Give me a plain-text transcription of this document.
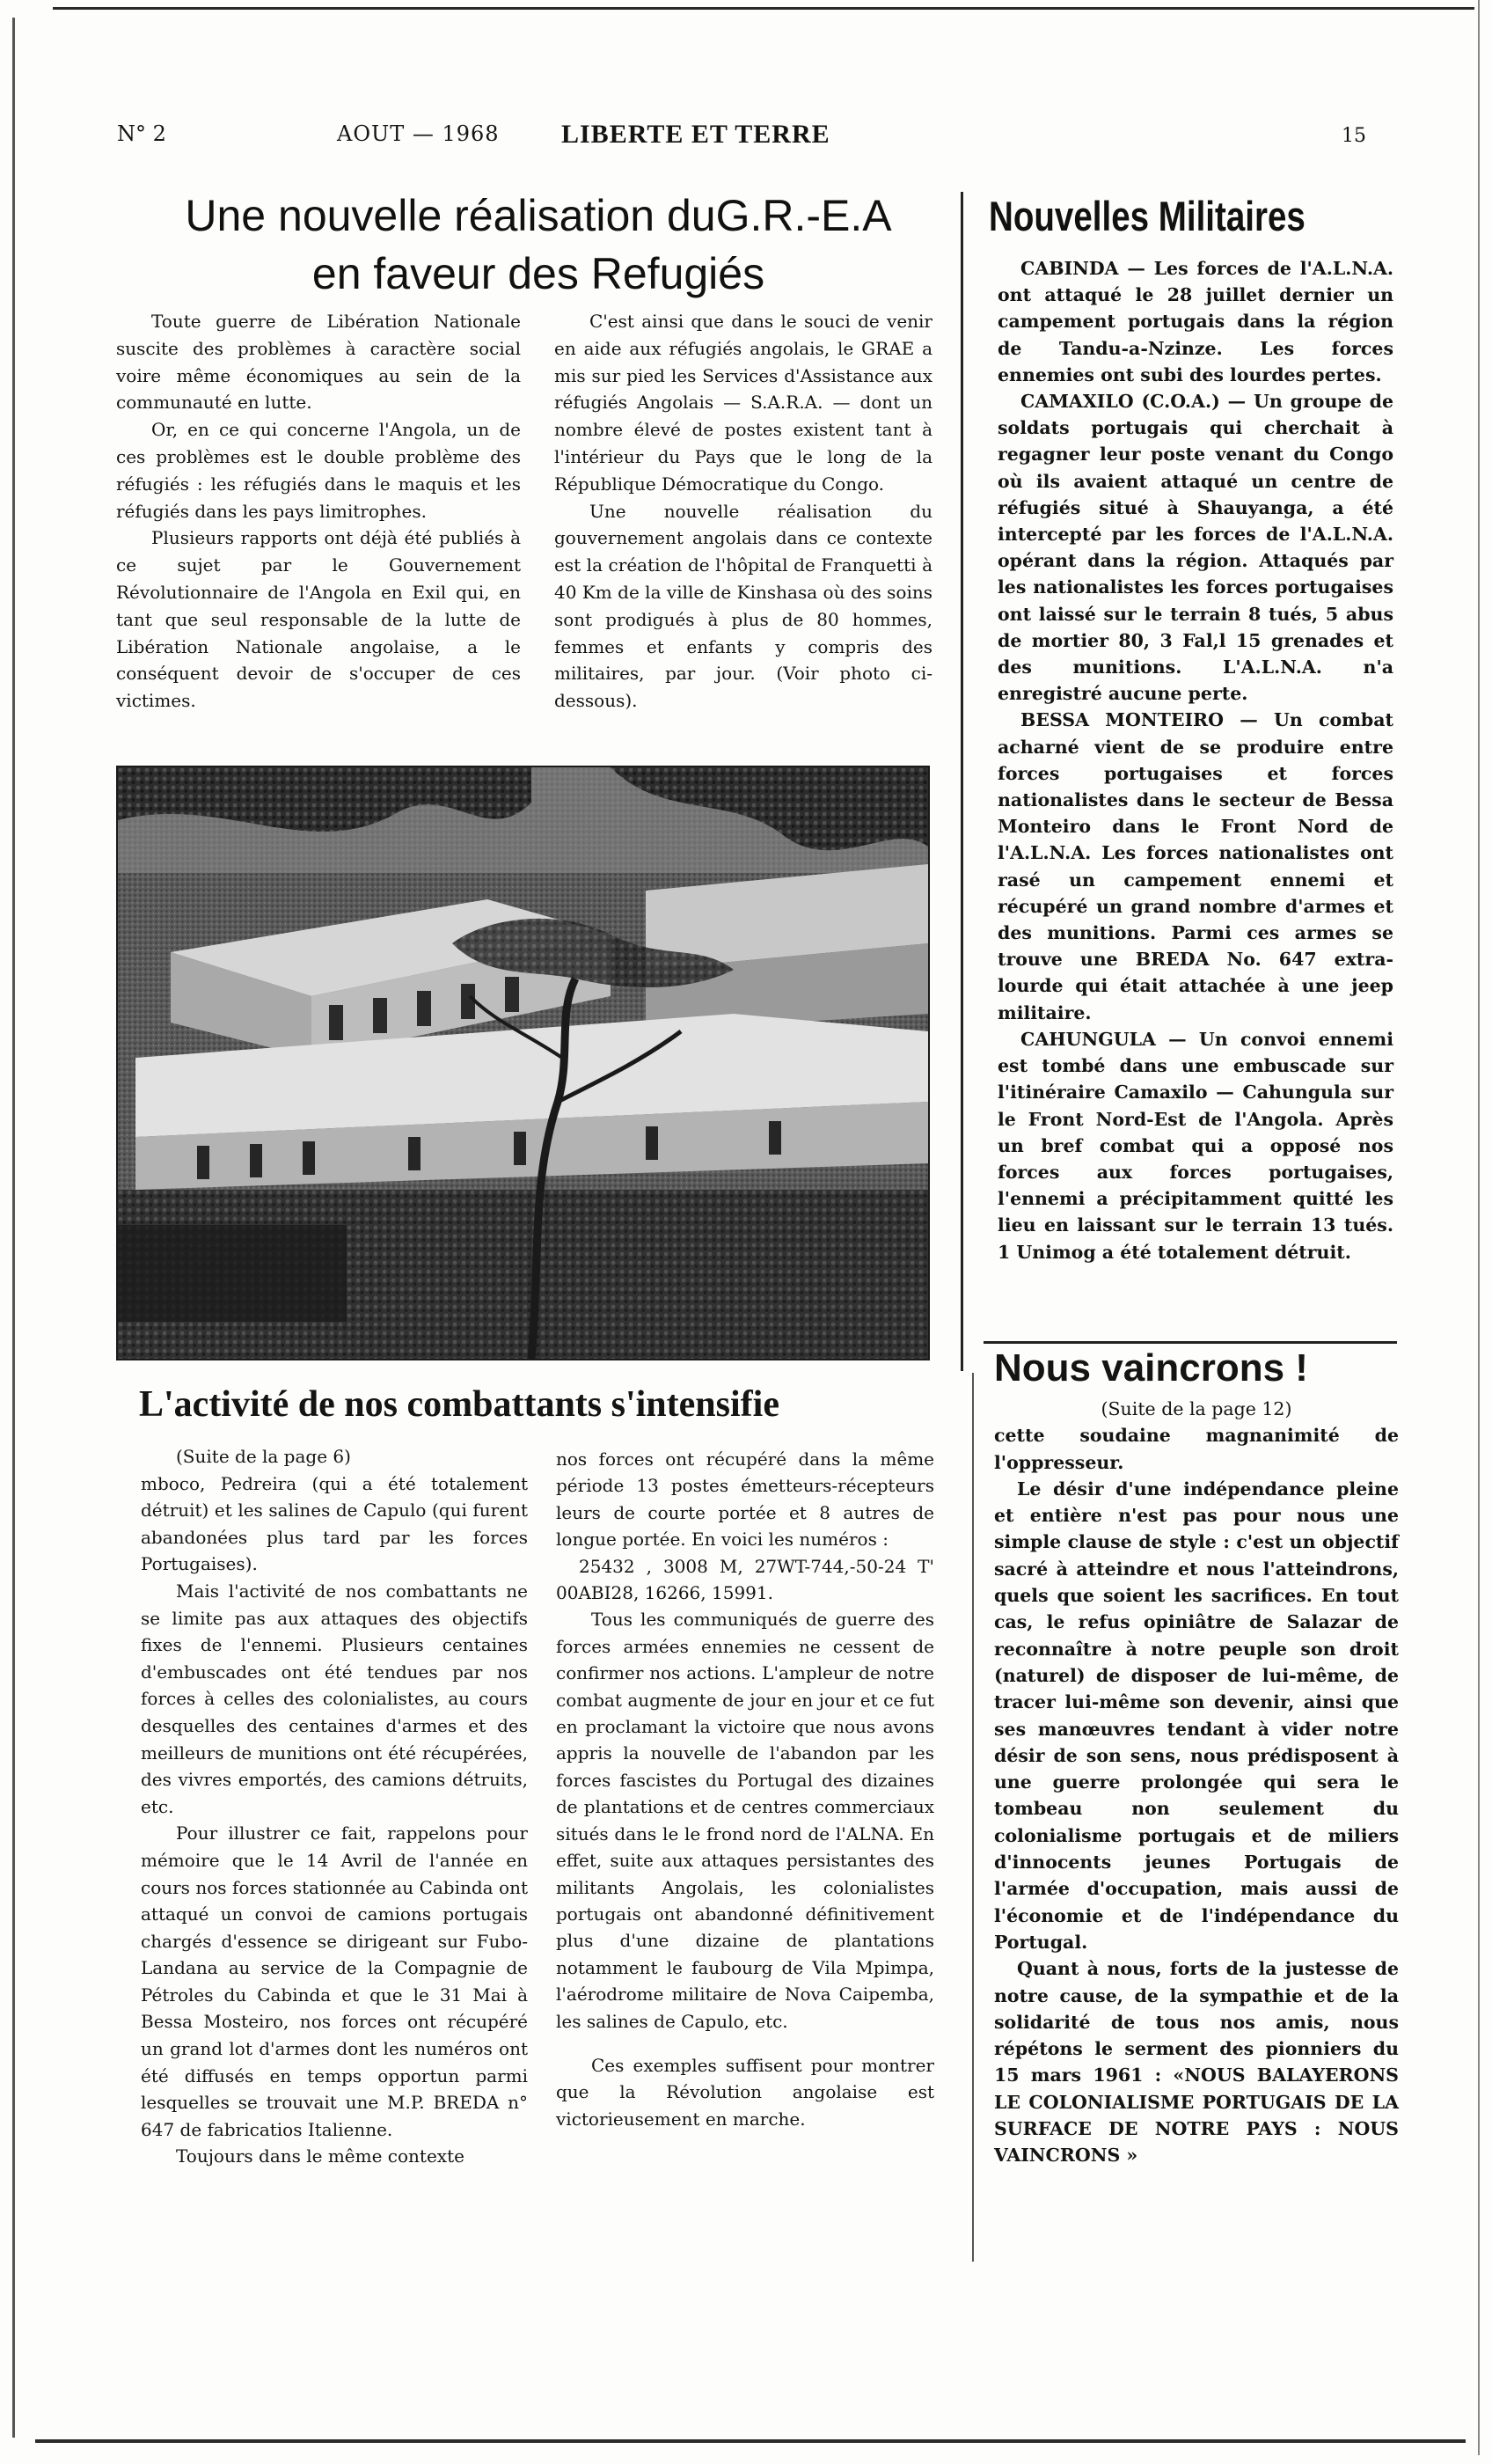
N° 2	AOUT — 1968 LIBERTE ET TERRE	15
Une nouvelle réalisation duG.R.-E.A
en faveur des Refugiés

Toute guerre de Libération Nationale suscite des problèmes à caractère social voire même économiques au sein de la communauté en lutte.

Or, en ce qui concerne l'Angola, un de ces problèmes est le double problème des réfugiés : les réfugiés dans le maquis et les réfugiés dans les pays limitrophes.

Plusieurs rapports ont déjà été publiés à ce sujet par le Gouvernement Révolutionnaire de l'Angola en Exil qui, en tant que seul responsable de la lutte de Libération Nationale angolaise, a le conséquent devoir de s'occuper de ces victimes.

C'est ainsi que dans le souci de venir en aide aux réfugiés angolais, le GRAE a mis sur pied les Services d'Assistance aux réfugiés Angolais — S.A.R.A. — dont un nombre élevé de postes existent tant à l'intérieur du Pays que le long de la République Démocratique du Congo.

Une nouvelle réalisation du gouvernement angolais dans ce contexte est la création de l'hôpital de Franquetti à 40 Km de la ville de Kinshasa où des soins sont prodigués à plus de 80 hommes, femmes et enfants y compris des militaires, par jour. (Voir photo ci-dessous).

Nouvelles Militaires

CABINDA — Les forces de l'A.L.N.A. ont attaqué le 28 juillet dernier un campement portugais dans la région de Tandu-a-Nzinze. Les forces ennemies ont subi des lourdes pertes.

CAMAXILO (C.O.A.) — Un groupe de soldats portugais qui cherchait à regagner leur poste venant du Congo où ils avaient attaqué un centre de réfugiés situé à Shauyanga, a été intercepté par les forces de l'A.L.N.A. opérant dans la région. Attaqués par les nationalistes les forces portugaises ont laissé sur le terrain 8 tués, 5 abus de mortier 80, 3 Fal,l 15 grenades et des munitions. L'A.L.N.A. n'a enregistré aucune perte.

BESSA MONTEIRO — Un combat acharné vient de se produire entre forces portugaises et forces nationalistes dans le secteur de Bessa Monteiro dans le Front Nord de l'A.L.N.A. Les forces nationalistes ont rasé un campement ennemi et récupéré un grand nombre d'armes et des munitions. Parmi ces armes se trouve une BREDA No. 647 extra-lourde qui était attachée à une jeep militaire.

CAHUNGULA — Un convoi ennemi est tombé dans une embuscade sur l'itinéraire Camaxilo — Cahungula sur le Front Nord-Est de l'Angola. Après un bref combat qui a opposé nos forces aux forces portugaises, l'ennemi a précipitamment quitté les lieu en laissant sur le terrain 13 tués. 1 Unimog a été totalement détruit.

L'activité de nos combattants s'intensifie

(Suite de la page 6)

mboco, Pedreira (qui a été totalement détruit) et les salines de Capulo (qui furent abandonées plus tard par les forces Portugaises).

Mais l'activité de nos combattants ne se limite pas aux attaques des objectifs fixes de l'ennemi. Plusieurs centaines d'embuscades ont été tendues par nos forces à celles des colonialistes, au cours desquelles des centaines d'armes et des meilleurs de munitions ont été récupérées, des vivres emportés, des camions détruits, etc.

Pour illustrer ce fait, rappelons pour mémoire que le 14 Avril de l'année en cours nos forces stationnée au Cabinda ont attaqué un convoi de camions portugais chargés d'essence se dirigeant sur Fubo-Landana au service de la Compagnie de Pétroles du Cabinda et que le 31 Mai à Bessa Mosteiro, nos forces ont récupéré un grand lot d'armes dont les numéros ont été diffusés en temps opportun parmi lesquelles se trouvait une M.P. BREDA n° 647 de fabricatios Italienne.

Toujours dans le même contexte

nos forces ont récupéré dans la même période 13 postes émetteurs-récepteurs leurs de courte portée et 8 autres de longue portée. En voici les numéros :

25432 , 3008 M, 27WT-744,-50-24 T' 00ABI28, 16266, 15991.

Tous les communiqués de guerre des forces armées ennemies ne cessent de confirmer nos actions. L'ampleur de notre combat augmente de jour en jour et ce fut en proclamant la victoire que nous avons appris la nouvelle de l'abandon par les forces fascistes du Portugal des dizaines de plantations et de centres commerciaux situés dans le le frond nord de l'ALNA. En effet, suite aux attaques persistantes des militants Angolais, les colonialistes portugais ont abandonné définitivement plus d'une dizaine de plantations notamment le faubourg de Vila Mpimpa, l'aérodrome militaire de Nova Caipemba, les salines de Capulo, etc.

Ces exemples suffisent pour montrer que la Révolution angolaise est victorieusement en marche.

Nous vaincrons !

(Suite de la page 12)

cette soudaine magnanimité de l'oppresseur.

Le désir d'une indépendance pleine et entière n'est pas pour nous une simple clause de style : c'est un objectif sacré à atteindre et nous l'atteindrons, quels que soient les sacrifices. En tout cas, le refus opiniâtre de Salazar de reconnaître à notre peuple son droit (naturel) de disposer de lui-même, de tracer lui-même son devenir, ainsi que ses manœuvres tendant à vider notre désir de son sens, nous prédisposent à une guerre prolongée qui sera le tombeau non seulement du colonialisme portugais et de miliers d'innocents jeunes Portugais de l'armée d'occupation, mais aussi de l'économie et de l'indépendance du Portugal.

Quant à nous, forts de la justesse de notre cause, de la sympathie et de la solidarité de tous nos amis, nous répétons le serment des pionniers du 15 mars 1961 : «NOUS BALAYERONS LE COLONIALISME PORTUGAIS DE LA SURFACE DE NOTRE PAYS : NOUS VAINCRONS »
